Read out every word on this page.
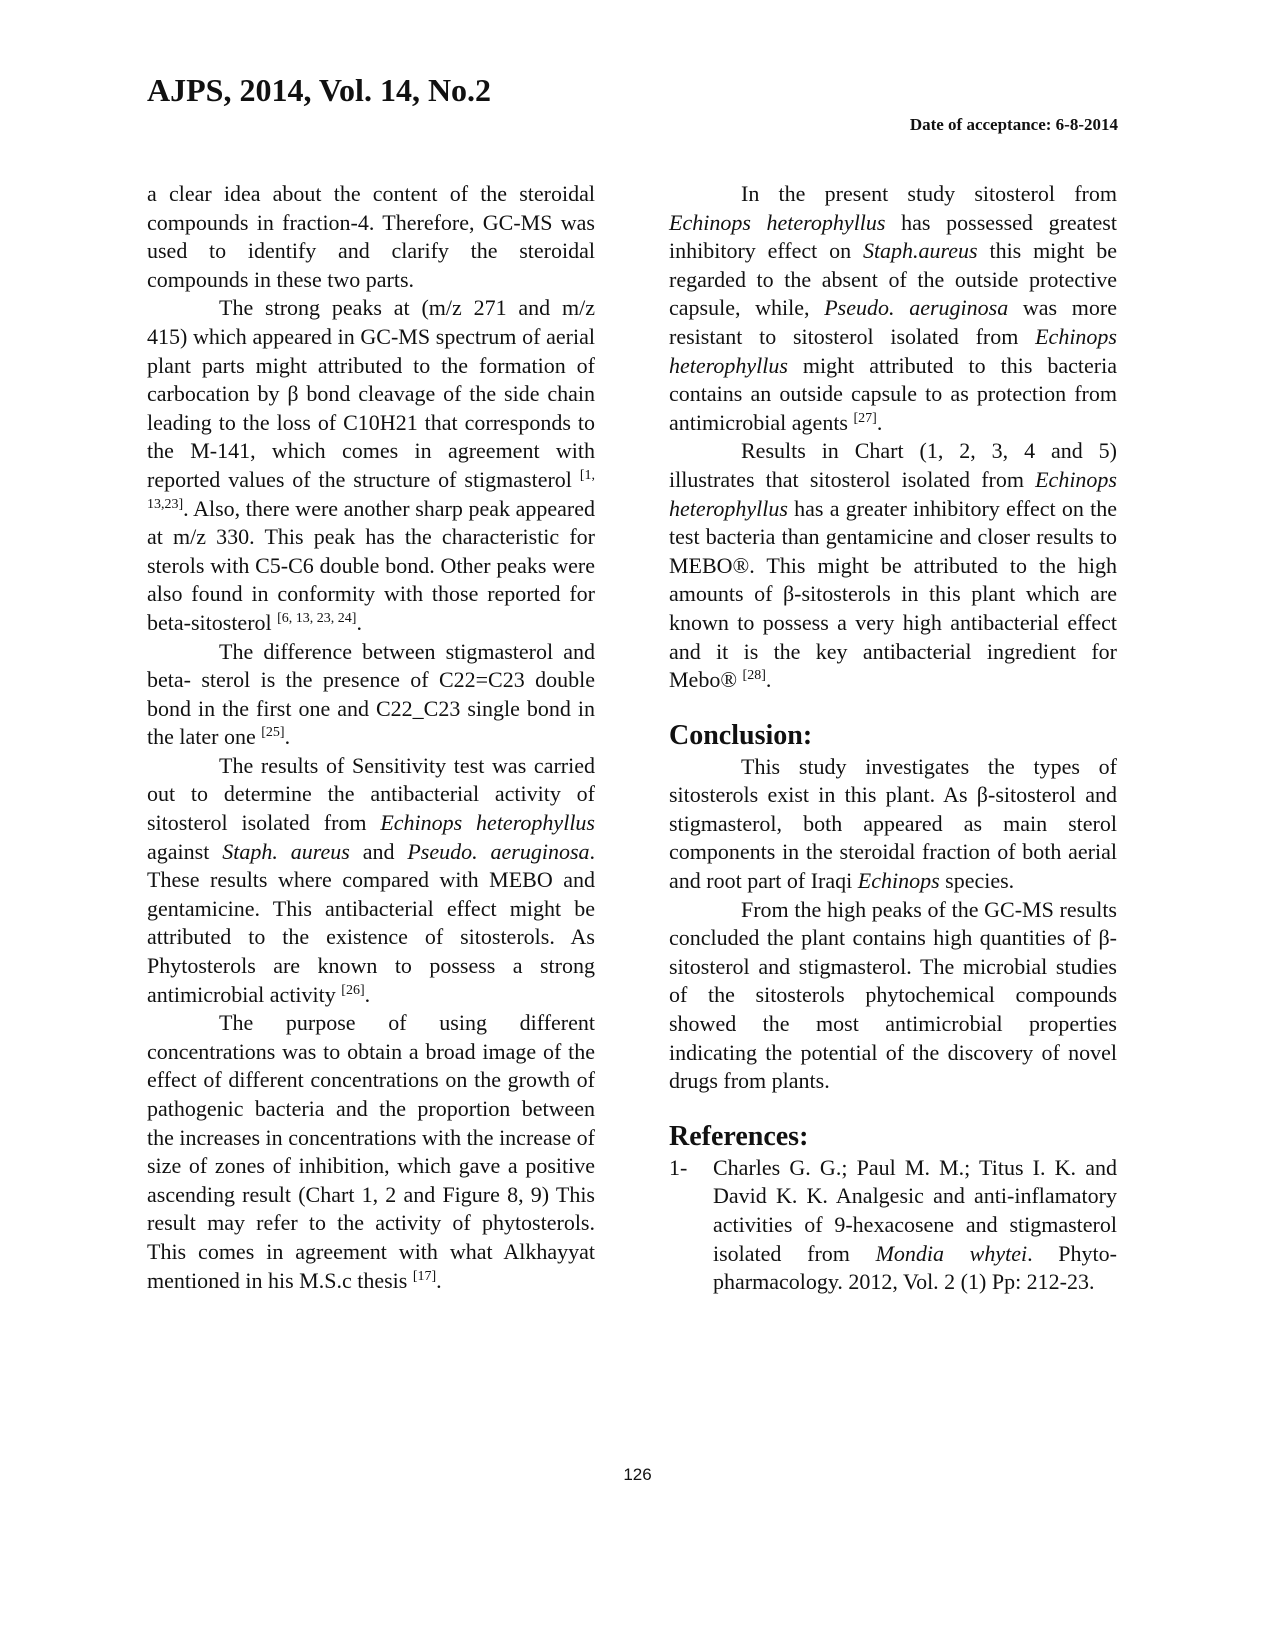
AJPS, 2014, Vol. 14, No.2
Date of acceptance: 6-8-2014

a clear idea about the content of the steroidal compounds in fraction-4. Therefore, GC-MS was used to identify and clarify the steroidal compounds in these two parts.

The strong peaks at (m/z 271 and m/z 415) which appeared in GC-MS spectrum of aerial plant parts might attributed to the formation of carbocation by β bond cleavage of the side chain leading to the loss of C10H21 that corresponds to the M-141, which comes in agreement with reported values of the structure of stigmasterol [1, 13,23]. Also, there were another sharp peak appeared at m/z 330. This peak has the characteristic for sterols with C5-C6 double bond. Other peaks were also found in conformity with those reported for beta-sitosterol [6, 13, 23, 24].

The difference between stigmasterol and beta- sterol is the presence of C22=C23 double bond in the first one and C22_C23 single bond in the later one [25].

The results of Sensitivity test was carried out to determine the antibacterial activity of sitosterol isolated from Echinops heterophyllus against Staph. aureus and Pseudo. aeruginosa. These results where compared with MEBO and gentamicine. This antibacterial effect might be attributed to the existence of sitosterols. As Phytosterols are known to possess a strong antimicrobial activity [26].

The purpose of using different concentrations was to obtain a broad image of the effect of different concentrations on the growth of pathogenic bacteria and the proportion between the increases in concentrations with the increase of size of zones of inhibition, which gave a positive ascending result (Chart 1, 2 and Figure 8, 9) This result may refer to the activity of phytosterols. This comes in agreement with what Alkhayyat mentioned in his M.S.c thesis [17].

In the present study sitosterol from Echinops heterophyllus has possessed greatest inhibitory effect on Staph.aureus this might be regarded to the absent of the outside protective capsule, while, Pseudo. aeruginosa was more resistant to sitosterol isolated from Echinops heterophyllus might attributed to this bacteria contains an outside capsule to as protection from antimicrobial agents [27].

Results in Chart (1, 2, 3, 4 and 5) illustrates that sitosterol isolated from Echinops heterophyllus has a greater inhibitory effect on the test bacteria than gentamicine and closer results to MEBO®. This might be attributed to the high amounts of β-sitosterols in this plant which are known to possess a very high antibacterial effect and it is the key antibacterial ingredient for Mebo® [28].

Conclusion:

This study investigates the types of sitosterols exist in this plant. As β-sitosterol and stigmasterol, both appeared as main sterol components in the steroidal fraction of both aerial and root part of Iraqi Echinops species.

From the high peaks of the GC-MS results concluded the plant contains high quantities of β-sitosterol and stigmasterol. The microbial studies of the sitosterols phytochemical compounds showed the most antimicrobial properties indicating the potential of the discovery of novel drugs from plants.

References:
1-	Charles G. G.; Paul M. M.; Titus I. K. and David K. K. Analgesic and anti-inflamatory activities of 9-hexacosene and stigmasterol isolated from Mondia whytei. Phyto-pharmacology. 2012, Vol. 2 (1) Pp: 212-23.
126
